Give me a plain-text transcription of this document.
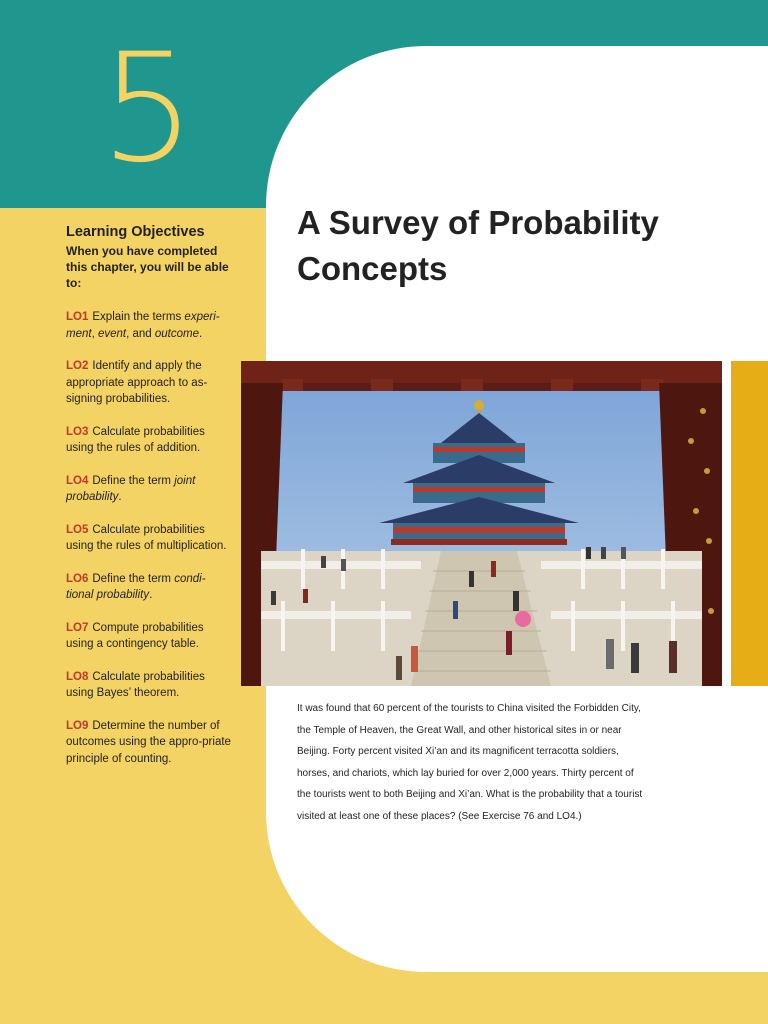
5
A Survey of Probability Concepts
Learning Objectives
When you have completed this chapter, you will be able to:
LO1 Explain the terms experi-ment, event, and outcome.
LO2 Identify and apply the appropriate approach to as-signing probabilities.
LO3 Calculate probabilities using the rules of addition.
LO4 Define the term joint probability.
LO5 Calculate probabilities using the rules of multiplication.
LO6 Define the term condi-tional probability.
LO7 Compute probabilities using a contingency table.
LO8 Calculate probabilities using Bayes’ theorem.
LO9 Determine the number of outcomes using the appro-priate principle of counting.

It was found that 60 percent of the tourists to China visited the Forbidden City, the Temple of Heaven, the Great Wall, and other historical sites in or near Beijing. Forty percent visited Xi’an and its magnificent terracotta soldiers, horses, and chariots, which lay buried for over 2,000 years. Thirty percent of the tourists went to both Beijing and Xi’an. What is the probability that a tourist visited at least one of these places? (See Exercise 76 and LO4.)
